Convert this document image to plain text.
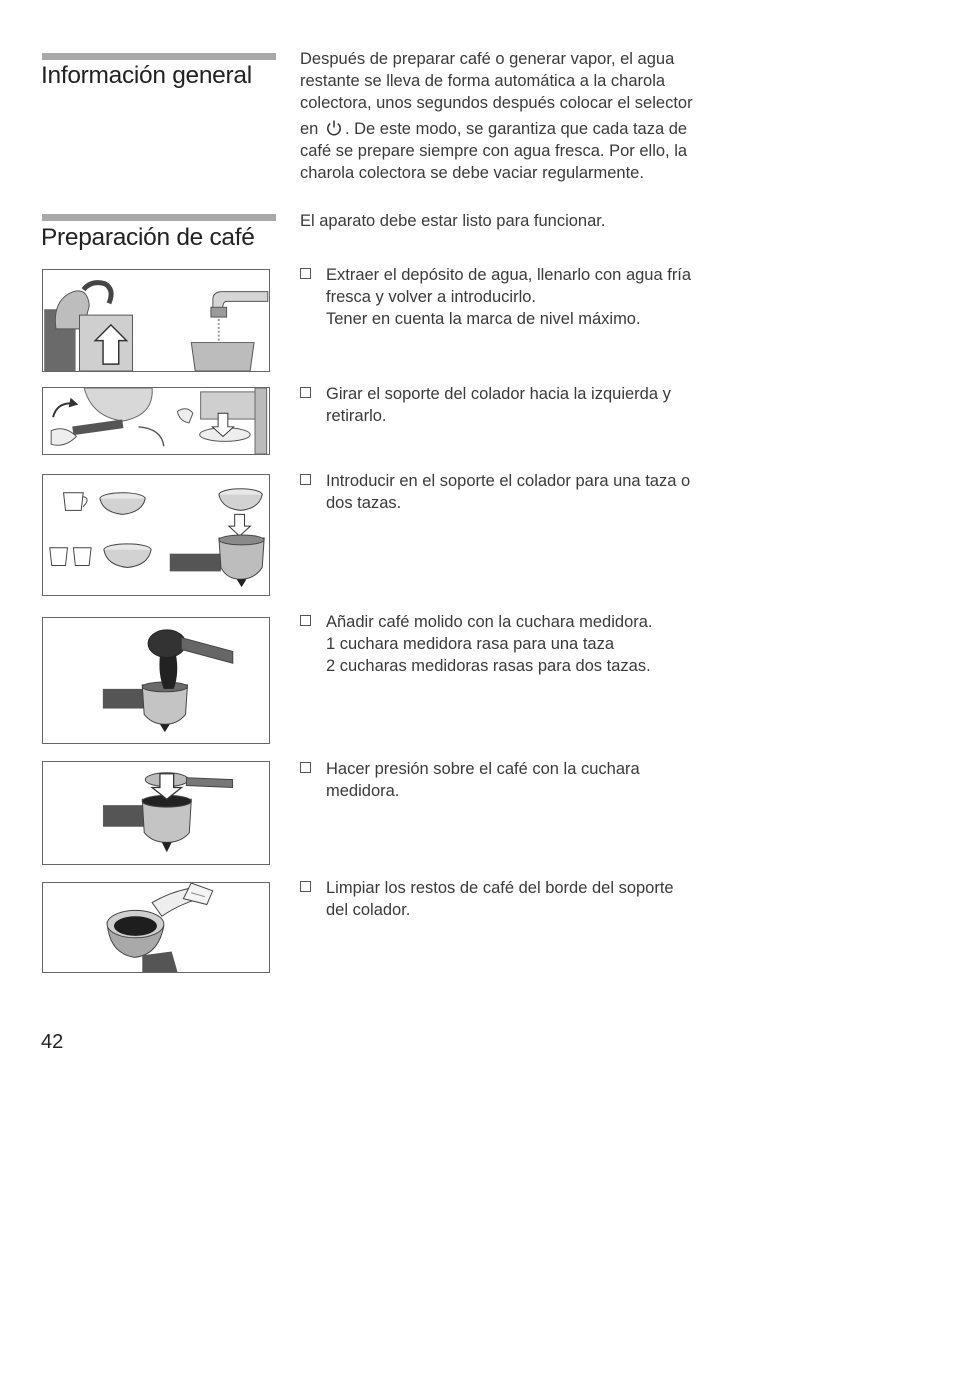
Información general

Después de preparar café o generar vapor, el agua

restante se lleva de forma automática a la charola

colectora, unos segundos después colocar el selector

en . De este modo, se garantiza que cada taza de

café se prepare siempre con agua fresca. Por ello, la

charola colectora se debe vaciar regularmente.

Preparación de café
El aparato debe estar listo para funcionar.
Extraer el depósito de agua, llenarlo con agua fría
fresca y volver a introducirlo.
Tener en cuenta la marca de nivel máximo.
Girar el soporte del colador hacia la izquierda y
retirarlo.
Introducir en el soporte el colador para una taza o
dos tazas.
Añadir café molido con la cuchara medidora.
1 cuchara medidora rasa para una taza
2 cucharas medidoras rasas para dos tazas.
Hacer presión sobre el café con la cuchara
medidora.
Limpiar los restos de café del borde del soporte
del colador.
42
